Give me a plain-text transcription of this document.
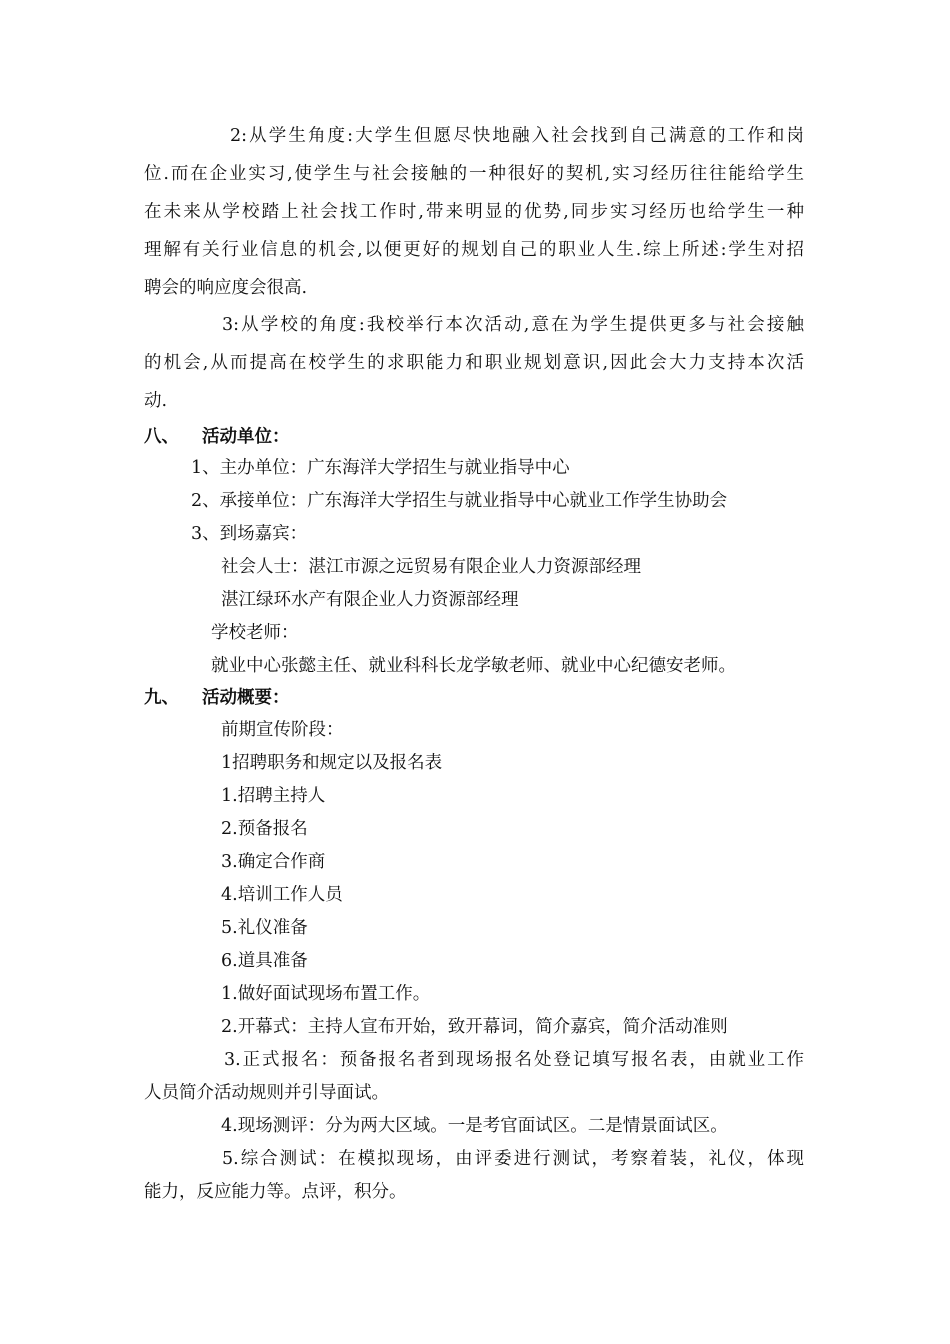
2:从学生角度:大学生但愿尽快地融入社会找到自己满意的工作和岗
位.而在企业实习,使学生与社会接触的一种很好的契机,实习经历往往能给学生
在未来从学校踏上社会找工作时,带来明显的优势,同步实习经历也给学生一种
理解有关行业信息的机会,以便更好的规划自己的职业人生.综上所述:学生对招
聘会的响应度会很高.
3:从学校的角度:我校举行本次活动,意在为学生提供更多与社会接触
的机会,从而提高在校学生的求职能力和职业规划意识,因此会大力支持本次活
动.
八、 活动单位：
1、主办单位：广东海洋大学招生与就业指导中心
2、承接单位：广东海洋大学招生与就业指导中心就业工作学生协助会
3、到场嘉宾：
社会人士：湛江市源之远贸易有限企业人力资源部经理
湛江绿环水产有限企业人力资源部经理
学校老师：
就业中心张懿主任、就业科科长龙学敏老师、就业中心纪德安老师。
九、 活动概要：
前期宣传阶段：
1招聘职务和规定以及报名表
1.招聘主持人
2.预备报名
3.确定合作商
4.培训工作人员
5.礼仪准备
6.道具准备
1.做好面试现场布置工作。
2.开幕式：主持人宣布开始，致开幕词，简介嘉宾，简介活动准则
3.正式报名：预备报名者到现场报名处登记填写报名表，由就业工作
人员简介活动规则并引导面试。
4.现场测评：分为两大区域。一是考官面试区。二是情景面试区。
5.综合测试：在模拟现场，由评委进行测试，考察着装，礼仪，体现
能力，反应能力等。点评，积分。
